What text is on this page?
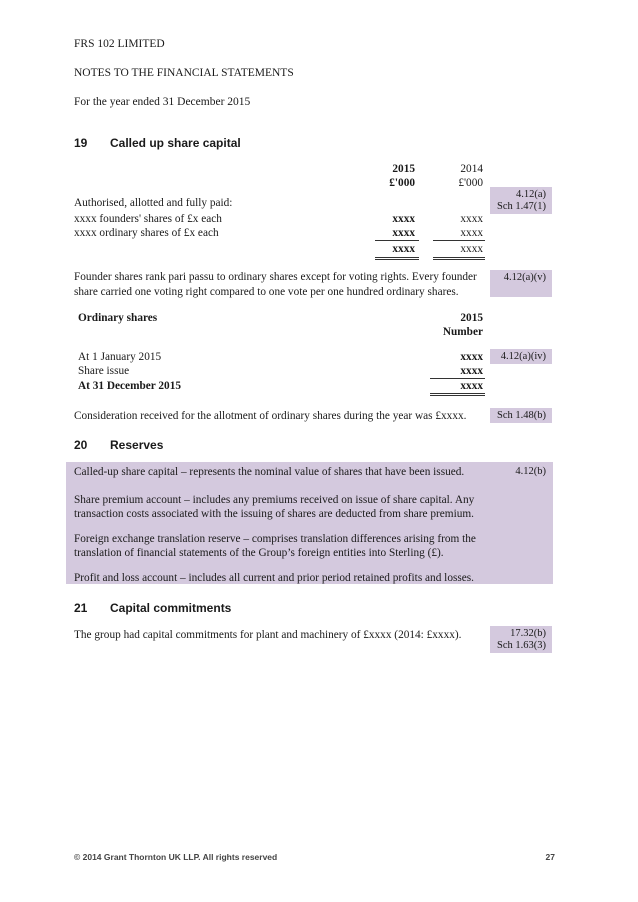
FRS 102 LIMITED
NOTES TO THE FINANCIAL STATEMENTS
For the year ended 31 December 2015
19 Called up share capital
2015	2014
£'000	£'000
4.12(a)
Sch 1.47(1)
Authorised, allotted and fully paid:
xxxx founders' shares of £x each	xxxx	xxxx
xxxx ordinary shares of £x each	xxxx	xxxx
xxxx	xxxx
Founder shares rank pari passu to ordinary shares except for voting rights. Every founder
share carried one voting right compared to one vote per one hundred ordinary shares.
4.12(a)(v)
Ordinary shares	2015
Number
At 1 January 2015	xxxx	4.12(a)(iv)
Share issue	xxxx
At 31 December 2015	xxxx
Consideration received for the allotment of ordinary shares during the year was £xxxx.	Sch 1.48(b)
20 Reserves
Called-up share capital – represents the nominal value of shares that have been issued.
Share premium account – includes any premiums received on issue of share capital. Any
transaction costs associated with the issuing of shares are deducted from share premium.
Foreign exchange translation reserve – comprises translation differences arising from the
translation of financial statements of the Group’s foreign entities into Sterling (£).
Profit and loss account – includes all current and prior period retained profits and losses.
4.12(b)
21 Capital commitments
The group had capital commitments for plant and machinery of £xxxx (2014: £xxxx).	17.32(b)
Sch 1.63(3)
© 2014 Grant Thornton UK LLP. All rights reserved	27
